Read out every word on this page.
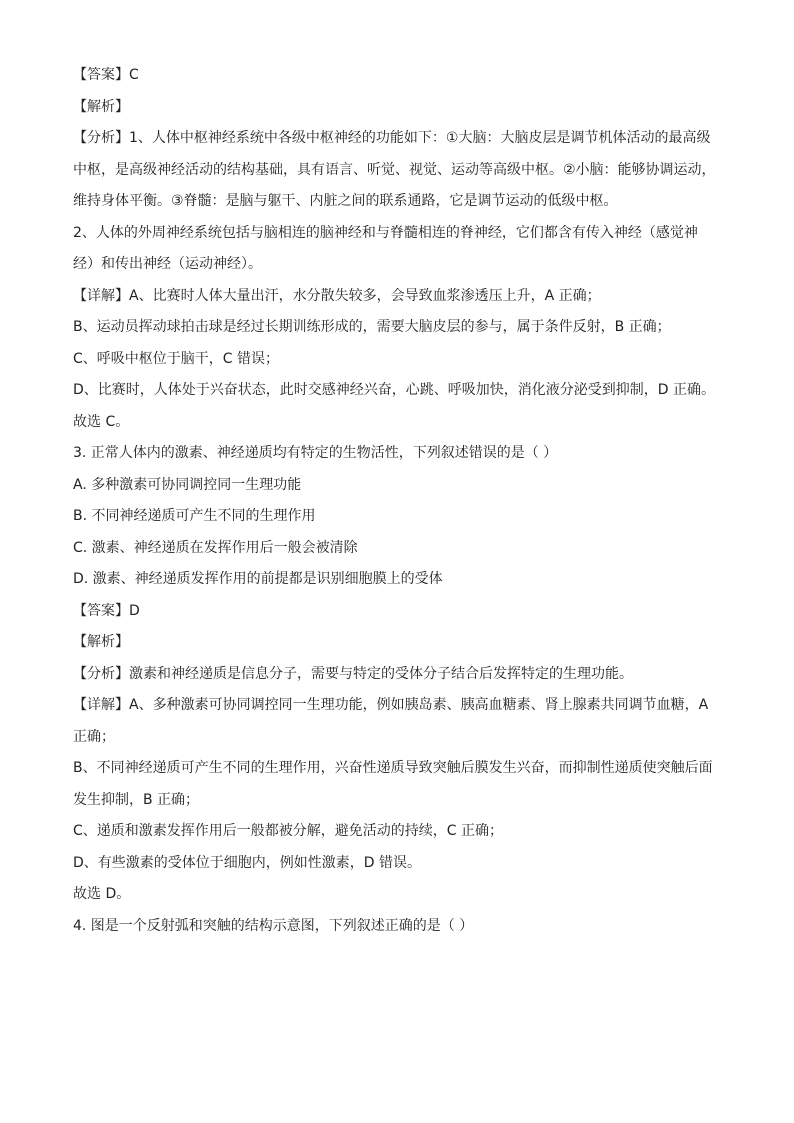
【答案】C
【解析】
【分析】1、人体中枢神经系统中各级中枢神经的功能如下：①大脑：大脑皮层是调节机体活动的最高级
中枢，是高级神经活动的结构基础，具有语言、听觉、视觉、运动等高级中枢。②小脑：能够协调运动，
维持身体平衡。③脊髓：是脑与躯干、内脏之间的联系通路，它是调节运动的低级中枢。
2、人体的外周神经系统包括与脑相连的脑神经和与脊髓相连的脊神经，它们都含有传入神经（感觉神
经）和传出神经（运动神经）。
【详解】A、比赛时人体大量出汗，水分散失较多，会导致血浆渗透压上升，A 正确；
B、运动员挥动球拍击球是经过长期训练形成的，需要大脑皮层的参与，属于条件反射，B 正确；
C、呼吸中枢位于脑干，C 错误；
D、比赛时，人体处于兴奋状态，此时交感神经兴奋，心跳、呼吸加快，消化液分泌受到抑制，D 正确。
故选 C。
3. 正常人体内的激素、神经递质均有特定的生物活性，下列叙述错误的是（ ）
A. 多种激素可协同调控同一生理功能
B. 不同神经递质可产生不同的生理作用
C. 激素、神经递质在发挥作用后一般会被清除
D. 激素、神经递质发挥作用的前提都是识别细胞膜上的受体
【答案】D
【解析】
【分析】激素和神经递质是信息分子，需要与特定的受体分子结合后发挥特定的生理功能。
【详解】A、多种激素可协同调控同一生理功能，例如胰岛素、胰高血糖素、肾上腺素共同调节血糖，A
正确；
B、不同神经递质可产生不同的生理作用，兴奋性递质导致突触后膜发生兴奋，而抑制性递质使突触后面
发生抑制，B 正确；
C、递质和激素发挥作用后一般都被分解，避免活动的持续，C 正确；
D、有些激素的受体位于细胞内，例如性激素，D 错误。
故选 D。
4. 图是一个反射弧和突触的结构示意图，下列叙述正确的是（ ）
